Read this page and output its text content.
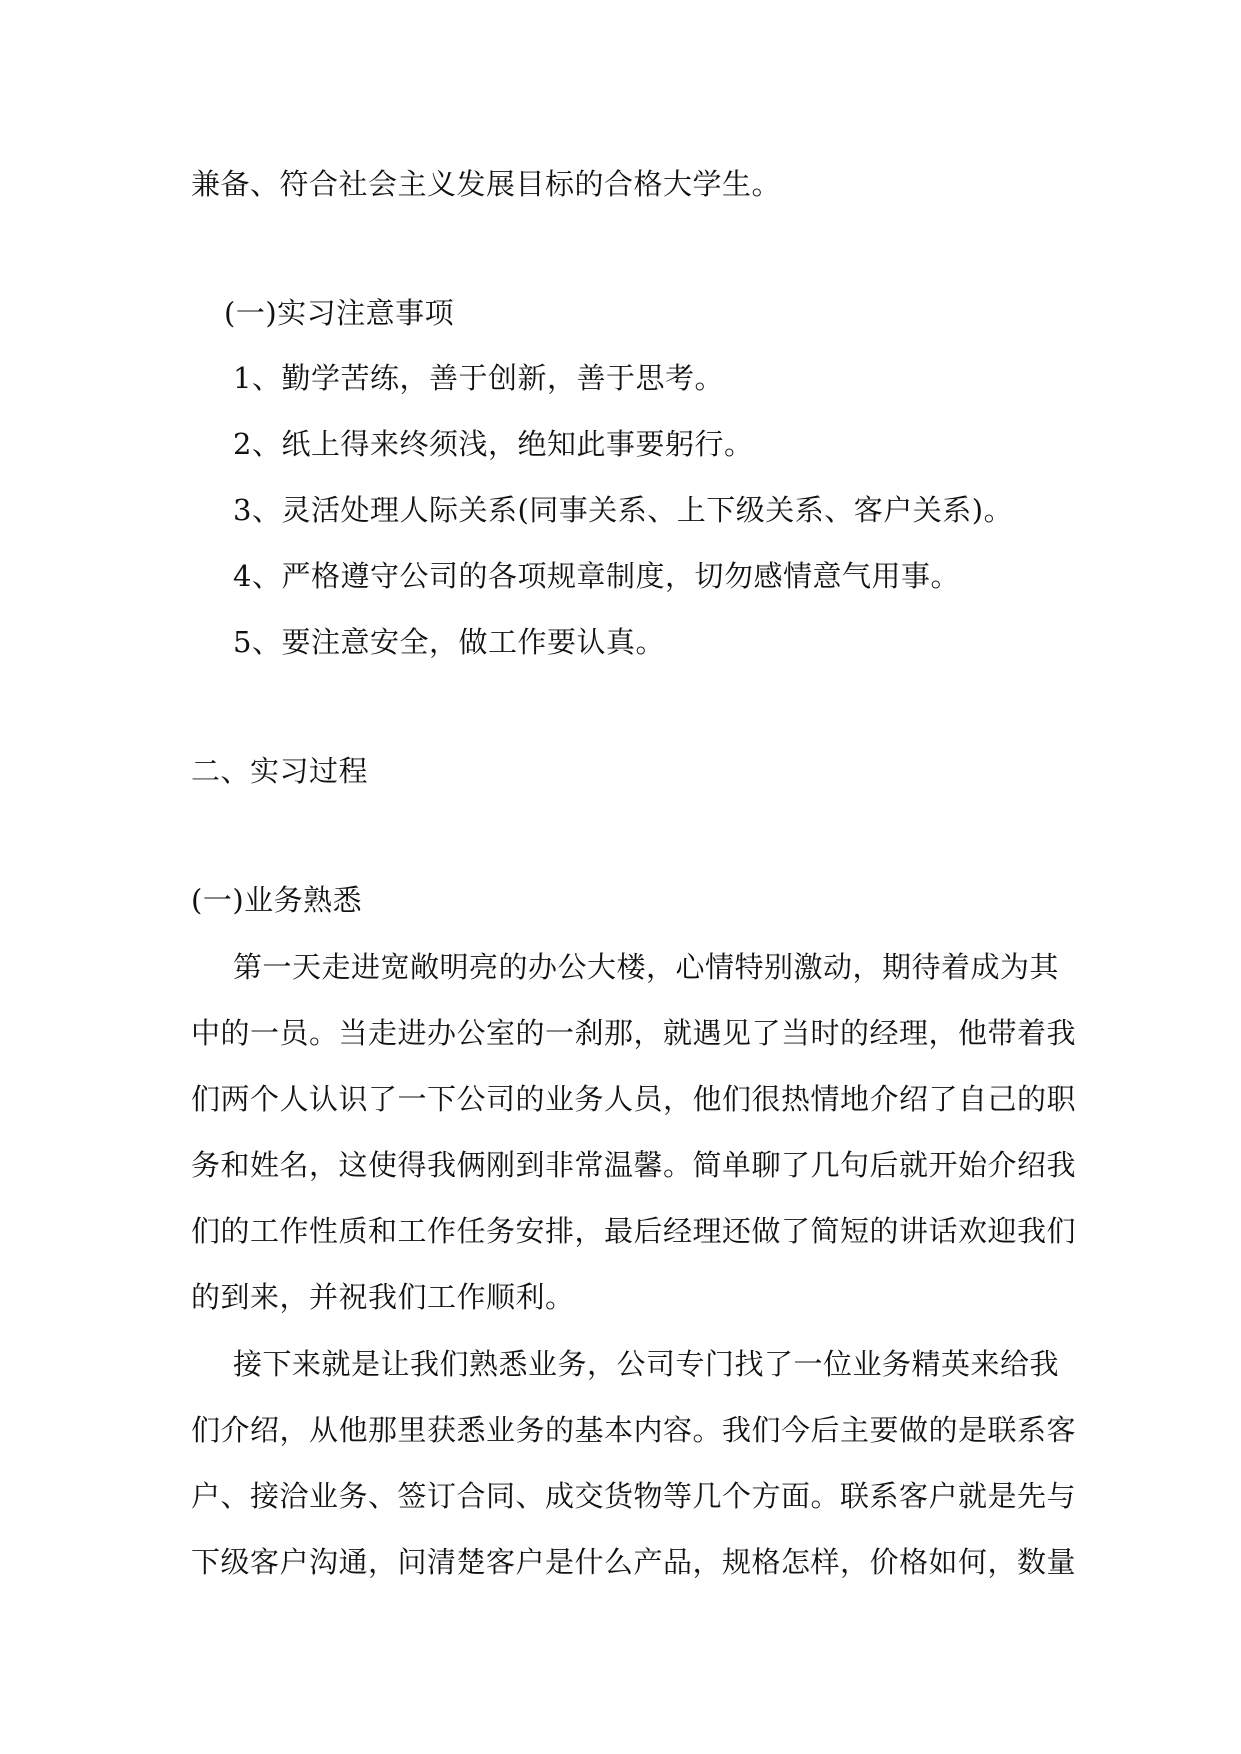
兼备、符合社会主义发展目标的合格大学生。
(一)实习注意事项
1、勤学苦练，善于创新，善于思考。
2、纸上得来终须浅，绝知此事要躬行。
3、灵活处理人际关系(同事关系、上下级关系、客户关系)。
4、严格遵守公司的各项规章制度，切勿感情意气用事。
5、要注意安全，做工作要认真。
二、实习过程
(一)业务熟悉
第一天走进宽敞明亮的办公大楼，心情特别激动，期待着成为其
中的一员。当走进办公室的一刹那，就遇见了当时的经理，他带着我
们两个人认识了一下公司的业务人员，他们很热情地介绍了自己的职
务和姓名，这使得我俩刚到非常温馨。简单聊了几句后就开始介绍我
们的工作性质和工作任务安排，最后经理还做了简短的讲话欢迎我们
的到来，并祝我们工作顺利。
接下来就是让我们熟悉业务，公司专门找了一位业务精英来给我
们介绍，从他那里获悉业务的基本内容。我们今后主要做的是联系客
户、接洽业务、签订合同、成交货物等几个方面。联系客户就是先与
下级客户沟通，问清楚客户是什么产品，规格怎样，价格如何，数量
